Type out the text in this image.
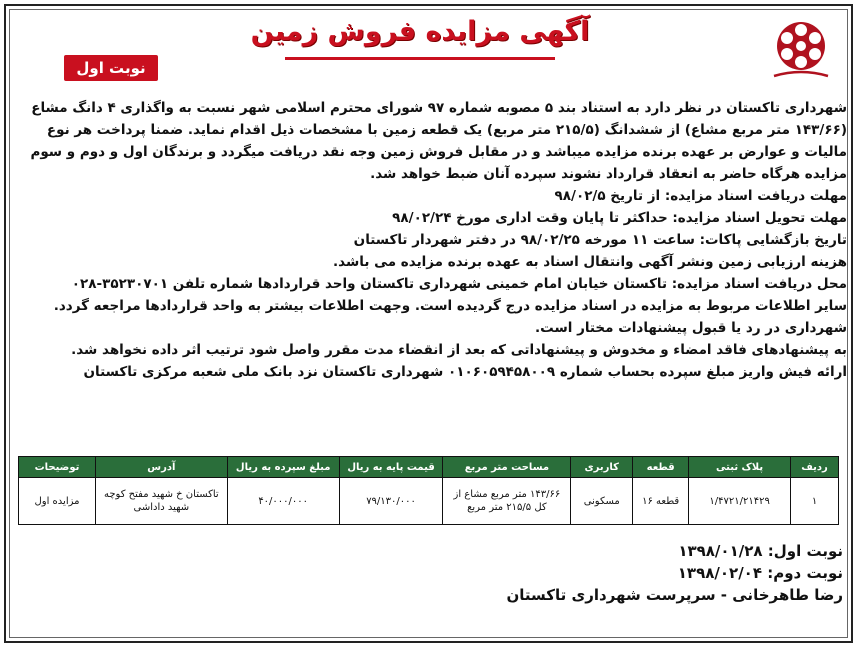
آگهی مزایده فروش زمین
نوبت اول

شهرداری تاکستان در نظر دارد به استناد بند ۵ مصوبه شماره ۹۷ شورای محترم اسلامی شهر نسبت به واگذاری ۴ دانگ مشاع (۱۴۳/۶۶ متر مربع مشاع) از ششدانگ (۲۱۵/۵ متر مربع) یک قطعه زمین با مشخصات ذیل اقدام نماید. ضمنا پرداخت هر نوع مالیات و عوارض بر عهده برنده مزایده میباشد و در مقابل فروش زمین وجه نقد دریافت میگردد و برندگان اول و دوم و سوم مزایده هرگاه حاضر به انعقاد قرارداد نشوند سپرده آنان ضبط خواهد شد.

مهلت دریافت اسناد مزایده: از تاریخ ۹۸/۰۲/۵

مهلت تحویل اسناد مزایده: حداکثر تا پایان وقت اداری مورخ ۹۸/۰۲/۲۴

تاریخ بازگشایی پاکات: ساعت ۱۱ مورخه ۹۸/۰۲/۲۵ در دفتر شهردار تاکستان

هزینه ارزیابی زمین ونشر آگهی وانتقال اسناد به عهده برنده مزایده می باشد.

محل دریافت اسناد مزایده: تاکستان خیابان امام خمینی شهرداری تاکستان واحد قراردادها شماره تلفن ۳۵۲۳۰۷۰۱-۰۲۸

سایر اطلاعات مربوط به مزایده در اسناد مزایده درج گردیده است. وجهت اطلاعات بیشتر به واحد قراردادها مراجعه گردد.

شهرداری در رد یا قبول پیشنهادات مختار است.

به پیشنهادهای فاقد امضاء و مخدوش و پیشنهاداتی که بعد از انقضاء مدت مقرر واصل شود ترتیب اثر داده نخواهد شد.

ارائه فیش واریز مبلغ سپرده بحساب شماره ۰۱۰۶۰۵۹۴۵۸۰۰۹ شهرداری تاکستان نزد بانک ملی شعبه مرکزی تاکستان

ردیف	پلاک ثبتی	قطعه	کاربری	مساحت متر مربع	قیمت پایه به ریال	مبلغ سپرده به ریال	آدرس	توضیحات
۱	۱/۴۷۲۱/۲۱۴۲۹	قطعه ۱۶	مسکونی	۱۴۳/۶۶ متر مربع مشاع از کل ۲۱۵/۵ متر مربع	۷۹/۱۳۰/۰۰۰	۴۰/۰۰۰/۰۰۰	تاکستان خ شهید مفتح کوچه شهید داداشی	مزایده اول
نوبت اول: ۱۳۹۸/۰۱/۲۸
نوبت دوم: ۱۳۹۸/۰۲/۰۴
رضا طاهرخانی - سرپرست شهرداری تاکستان
